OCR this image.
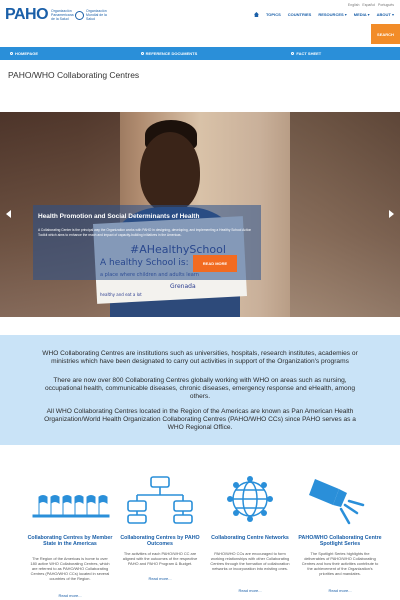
PAHO Organización Panamericana de la Salud
Organización Mundial de la Salud
English Español Português
TOPICS COUNTRIES RESOURCES ▾ MEDIA ▾ ABOUT ▾
SEARCH
HOMEPAGE	REFERENCE DOCUMENTS	FACT SHEET
PAHO/WHO Collaborating Centres
Grenada
healthy and eat a lot
Health Promotion and Social Determinants of Health

A Collaborating Center is the principal way the Organization works with PAHO in designing, developing, and implementing a Healthy School Action Toolkit which aims to enhance the reach and impact of capacity-building initiatives in the Americas.

READ MORE

WHO Collaborating Centres are institutions such as universities, hospitals, research institutes, academies or ministries which have been designated to carry out activities in support of the Organization's programs

There are now over 800 Collaborating Centres globally working with WHO on areas such as nursing, occupational health, communicable diseases, chronic diseases, emergency response and eHealth, among others.

All WHO Collaborating Centres located in the Region of the Americas are known as Pan American Health Organization/World Health Organization Collaborating Centres (PAHO/WHO CCs) since PAHO serves as a WHO Regional Office.

Collaborating Centres by Member State in the Americas
The Region of the Americas is home to over 180 active WHO Collaborating Centres, which are referred to as PAHO/WHO Collaborating Centres (PAHO/WHO CCs) located in several countries of the Region.
Read more...
Collaborating Centres by PAHO Outcomes
The activities of each PAHO/WHO CC are aligned with the outcomes of the respective PAHO and PAHO Program & Budget.
Read more...
Collaborating Centre Networks
PAHO/WHO CCs are encouraged to form working relationships with other Collaborating Centres through the formation of collaboration networks or incorporation into existing ones.
Read more...
PAHO/WHO Collaborating Centre Spotlight Series
The Spotlight Series highlights the deliverables of PAHO/WHO Collaborating Centres and how their activities contribute to the achievement of the Organization's priorities and mandates.
Read more...
